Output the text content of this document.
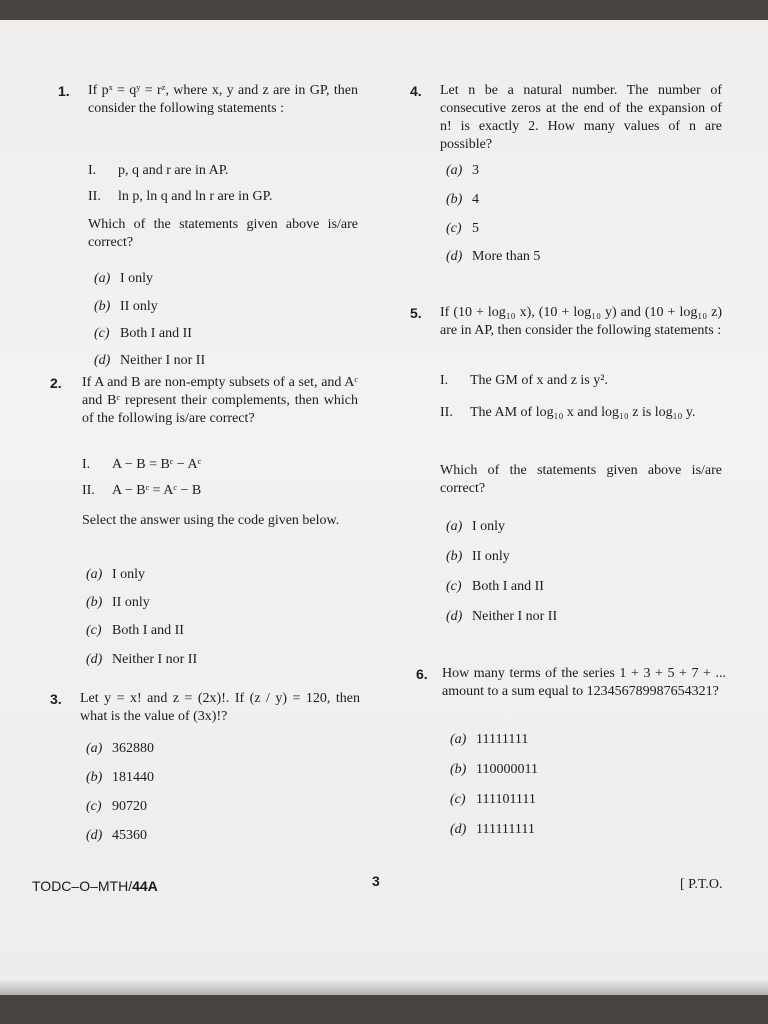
1. If pˣ = qʸ = rᶻ, where x, y and z are in GP, then consider the following statements :
I. p, q and r are in AP.
II. ln p, ln q and ln r are in GP.
Which of the statements given above is/are correct?
(a) I only
(b) II only
(c) Both I and II
(d) Neither I nor II
2. If A and B are non-empty subsets of a set, and Aᶜ and Bᶜ represent their complements, then which of the following is/are correct?
I. A − B = Bᶜ − Aᶜ
II. A − Bᶜ = Aᶜ − B
Select the answer using the code given below.
(a) I only
(b) II only
(c) Both I and II
(d) Neither I nor II
3. Let y = x! and z = (2x)!. If (z / y) = 120, then what is the value of (3x)!?
(a) 362880
(b) 181440
(c) 90720
(d) 45360
4. Let n be a natural number. The number of consecutive zeros at the end of the expansion of n! is exactly 2. How many values of n are possible?
(a) 3
(b) 4
(c) 5
(d) More than 5
5. If (10 + log₁₀ x), (10 + log₁₀ y) and (10 + log₁₀ z) are in AP, then consider the following statements :
I. The GM of x and z is y².
II. The AM of log₁₀ x and log₁₀ z is log₁₀ y.
Which of the statements given above is/are correct?
(a) I only
(b) II only
(c) Both I and II
(d) Neither I nor II
6. How many terms of the series 1 + 3 + 5 + 7 + ... amount to a sum equal to 123456789987654321?
(a) 11111111
(b) 110000011
(c) 111101111
(d) 111111111
TODC–O–MTH/44A	3	[ P.T.O.
